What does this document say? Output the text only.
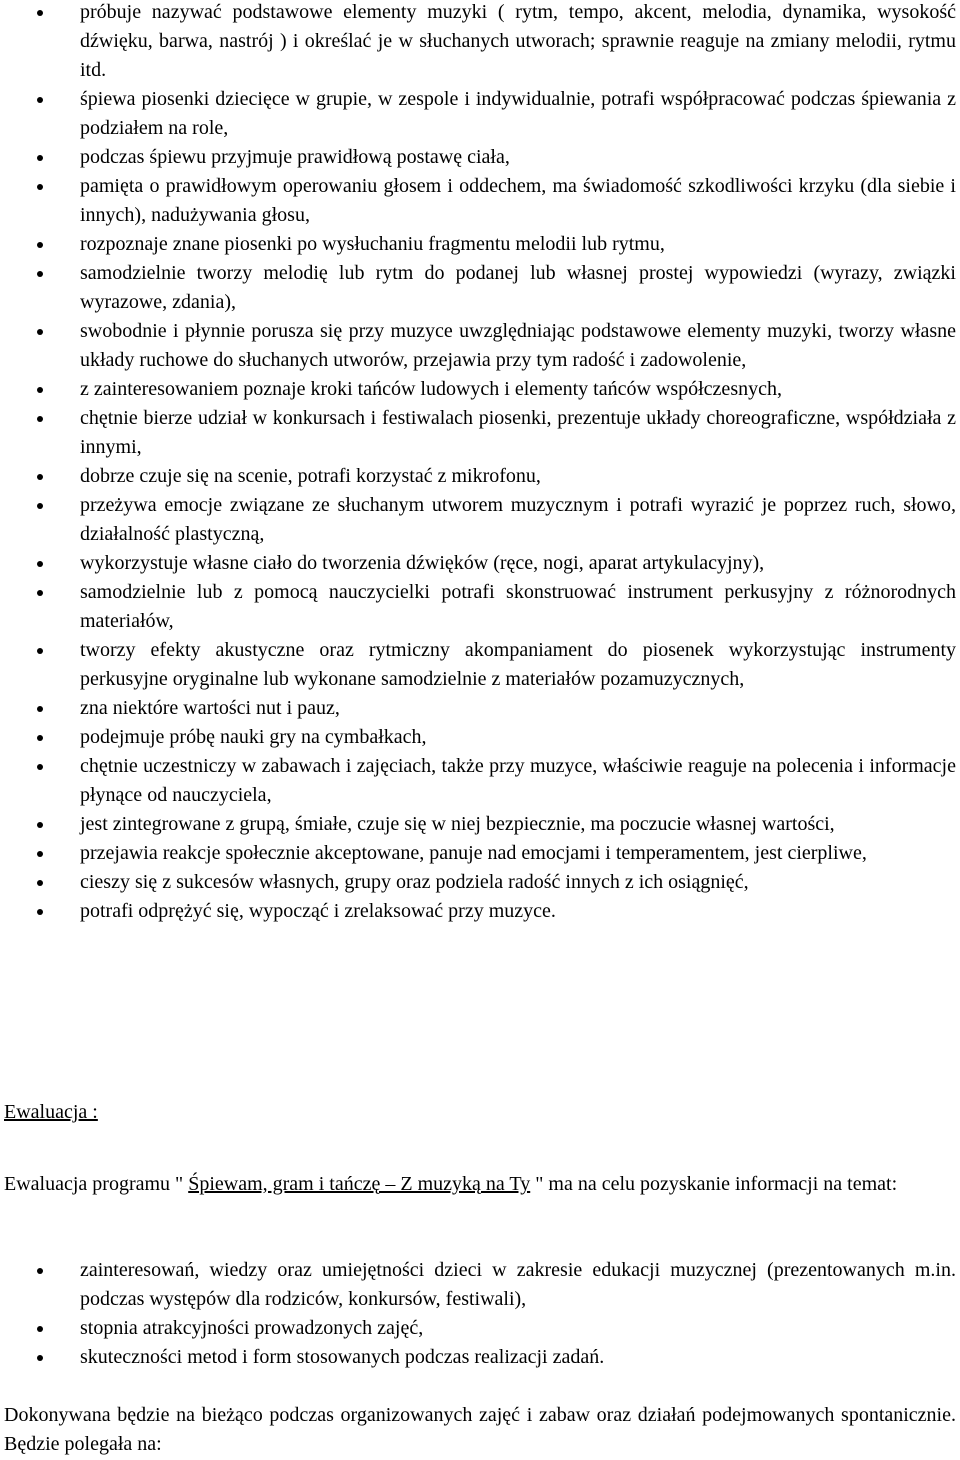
próbuje nazywać podstawowe elementy muzyki ( rytm, tempo, akcent, melodia, dynamika, wysokość dźwięku, barwa, nastrój ) i określać je w słuchanych utworach; sprawnie reaguje na zmiany melodii, rytmu itd.
śpiewa piosenki dziecięce w grupie, w zespole i indywidualnie, potrafi współpracować podczas śpiewania z podziałem na role,
podczas śpiewu przyjmuje prawidłową postawę ciała,
pamięta o prawidłowym operowaniu głosem i oddechem, ma świadomość szkodliwości krzyku (dla siebie i innych), nadużywania głosu,
rozpoznaje znane piosenki po wysłuchaniu fragmentu melodii lub rytmu,
samodzielnie tworzy melodię lub rytm do podanej lub własnej prostej wypowiedzi (wyrazy, związki wyrazowe, zdania),
swobodnie i płynnie porusza się przy muzyce uwzględniając podstawowe elementy muzyki, tworzy własne układy ruchowe do słuchanych utworów, przejawia przy tym radość i zadowolenie,
z zainteresowaniem poznaje kroki tańców ludowych i elementy tańców współczesnych,
chętnie bierze udział w konkursach i festiwalach piosenki, prezentuje układy choreograficzne, współdziała z innymi,
dobrze czuje się na scenie, potrafi korzystać z mikrofonu,
przeżywa emocje związane ze słuchanym utworem muzycznym i potrafi wyrazić je poprzez ruch, słowo, działalność plastyczną,
wykorzystuje własne ciało do tworzenia dźwięków (ręce, nogi, aparat artykulacyjny),
samodzielnie lub z pomocą nauczycielki potrafi skonstruować instrument perkusyjny z różnorodnych materiałów,
tworzy efekty akustyczne oraz rytmiczny akompaniament do piosenek wykorzystując instrumenty perkusyjne oryginalne lub wykonane samodzielnie z materiałów pozamuzycznych,
zna niektóre wartości nut i pauz,
podejmuje próbę nauki gry na cymbałkach,
chętnie uczestniczy w zabawach i zajęciach, także przy muzyce, właściwie reaguje na polecenia i informacje płynące od nauczyciela,
jest zintegrowane z grupą, śmiałe, czuje się w niej bezpiecznie, ma poczucie własnej wartości,
przejawia reakcje społecznie akceptowane, panuje nad emocjami i temperamentem, jest cierpliwe,
cieszy się z sukcesów własnych, grupy oraz podziela radość innych z ich osiągnięć,
potrafi odprężyć się, wypocząć i zrelaksować przy muzyce.
Ewaluacja :
Ewaluacja programu " Śpiewam, gram i tańczę – Z muzyką na Ty " ma na celu pozyskanie informacji na temat:
zainteresowań, wiedzy oraz umiejętności dzieci w zakresie edukacji muzycznej (prezentowanych m.in. podczas występów dla rodziców, konkursów, festiwali),
stopnia atrakcyjności prowadzonych zajęć,
skuteczności metod i form stosowanych podczas realizacji zadań.
Dokonywana będzie na bieżąco podczas organizowanych zajęć i zabaw oraz działań podejmowanych spontanicznie. Będzie polegała na:
